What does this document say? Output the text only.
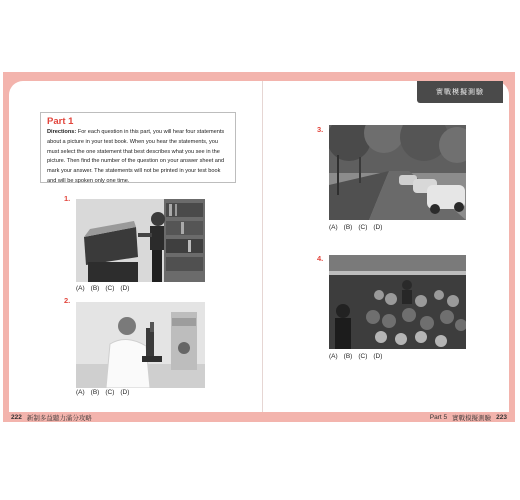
Part 1

Directions: For each question in this part, you will hear four statements about a picture in your test book. When you hear the statements, you must select the one statement that best describes what you see in the picture. Then find the number of the question on your answer sheet and mark your answer. The statements will not be printed in your test book and will be spoken only one time.

1.
(A) (B) (C) (D)
2.
(A) (B) (C) (D)
實戰模擬測驗
3.
(A) (B) (C) (D)
4.
(A) (B) (C) (D)
222 新制多益聽力滿分攻略	Part 5 實戰模擬測驗 223
